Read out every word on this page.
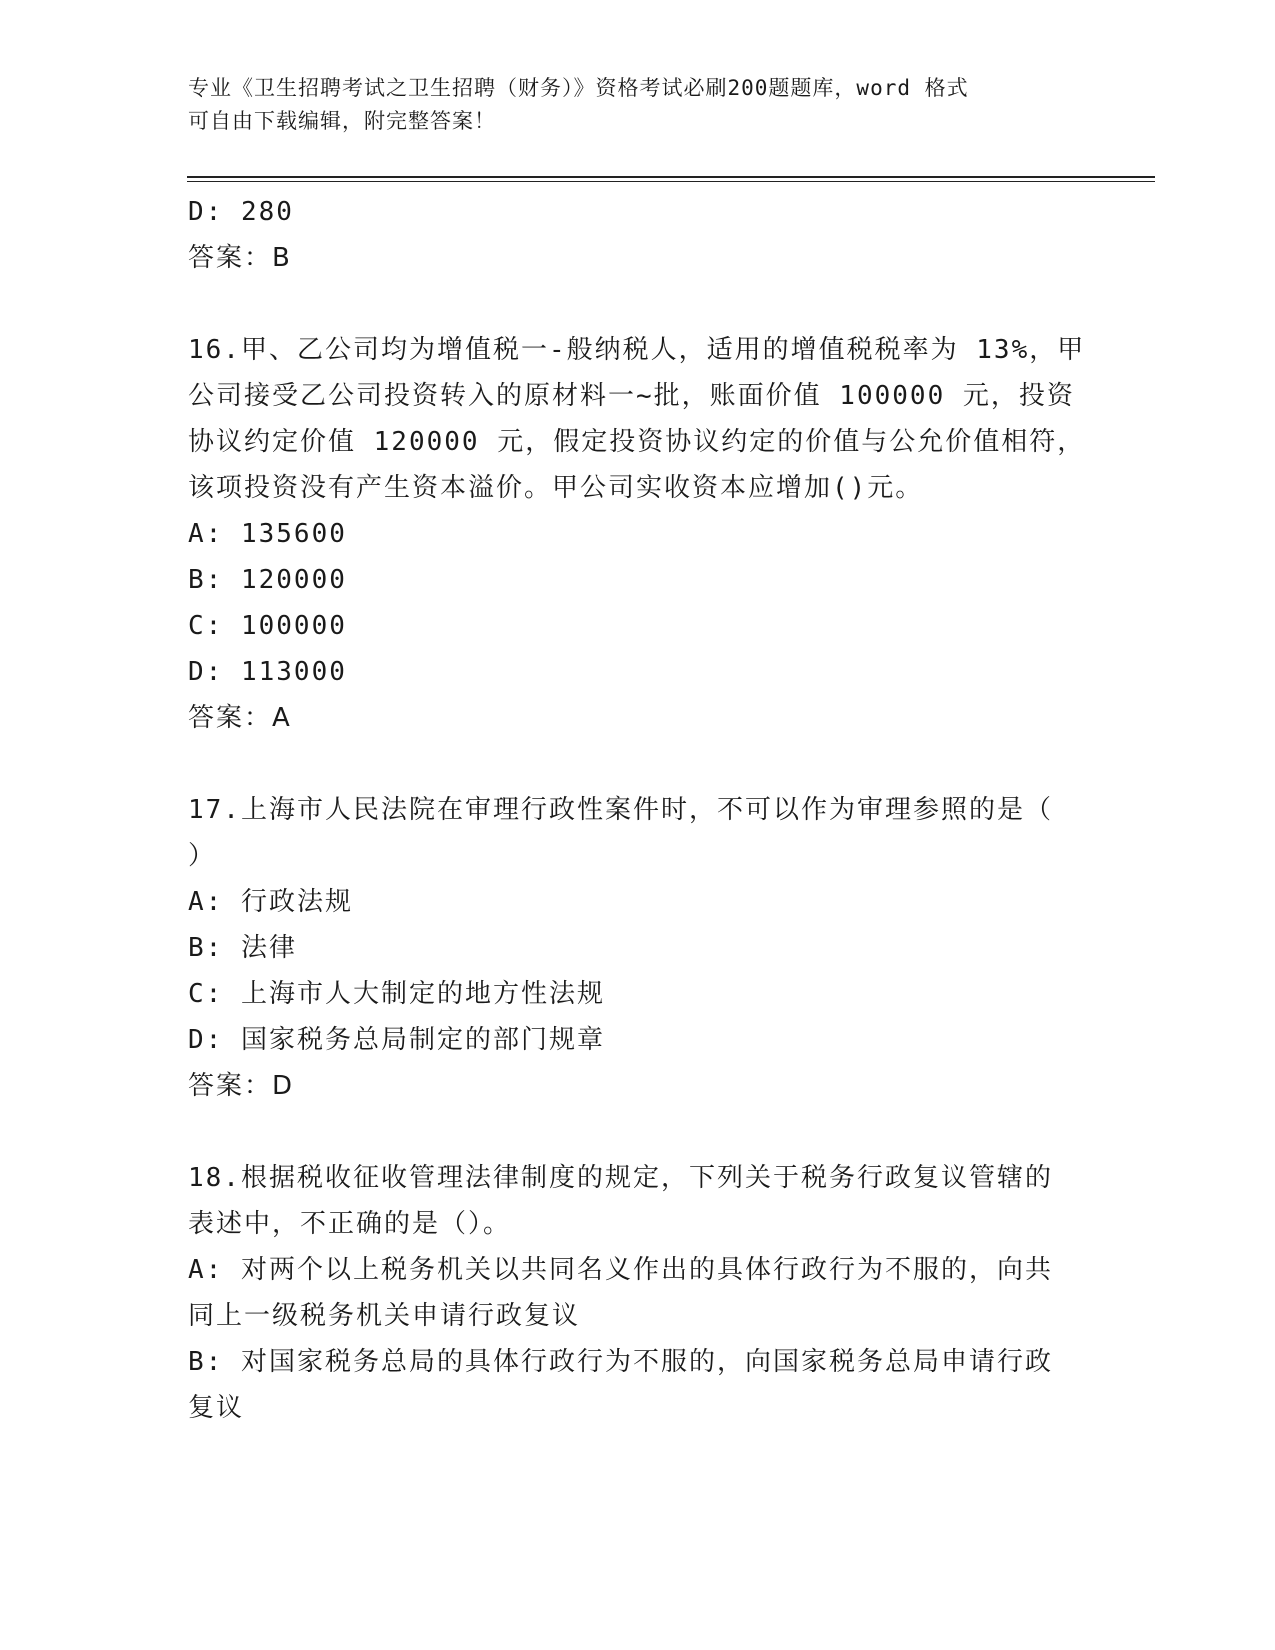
专业《卫生招聘考试之卫生招聘（财务）》资格考试必刷200题题库，word 格式
可自由下载编辑，附完整答案！

D: 280

答案：B

16.甲、乙公司均为增值税一-般纳税人，适用的增值税税率为 13%，甲

公司接受乙公司投资转入的原材料一~批，账面价值 100000 元，投资

协议约定价值 120000 元，假定投资协议约定的价值与公允价值相符，

该项投资没有产生资本溢价。甲公司实收资本应增加()元。

A: 135600

B: 120000

C: 100000

D: 113000

答案：A

17.上海市人民法院在审理行政性案件时，不可以作为审理参照的是（

）

A: 行政法规

B: 法律

C: 上海市人大制定的地方性法规

D: 国家税务总局制定的部门规章

答案：D

18.根据税收征收管理法律制度的规定，下列关于税务行政复议管辖的

表述中，不正确的是（）。

A: 对两个以上税务机关以共同名义作出的具体行政行为不服的，向共

同上一级税务机关申请行政复议

B: 对国家税务总局的具体行政行为不服的，向国家税务总局申请行政

复议
